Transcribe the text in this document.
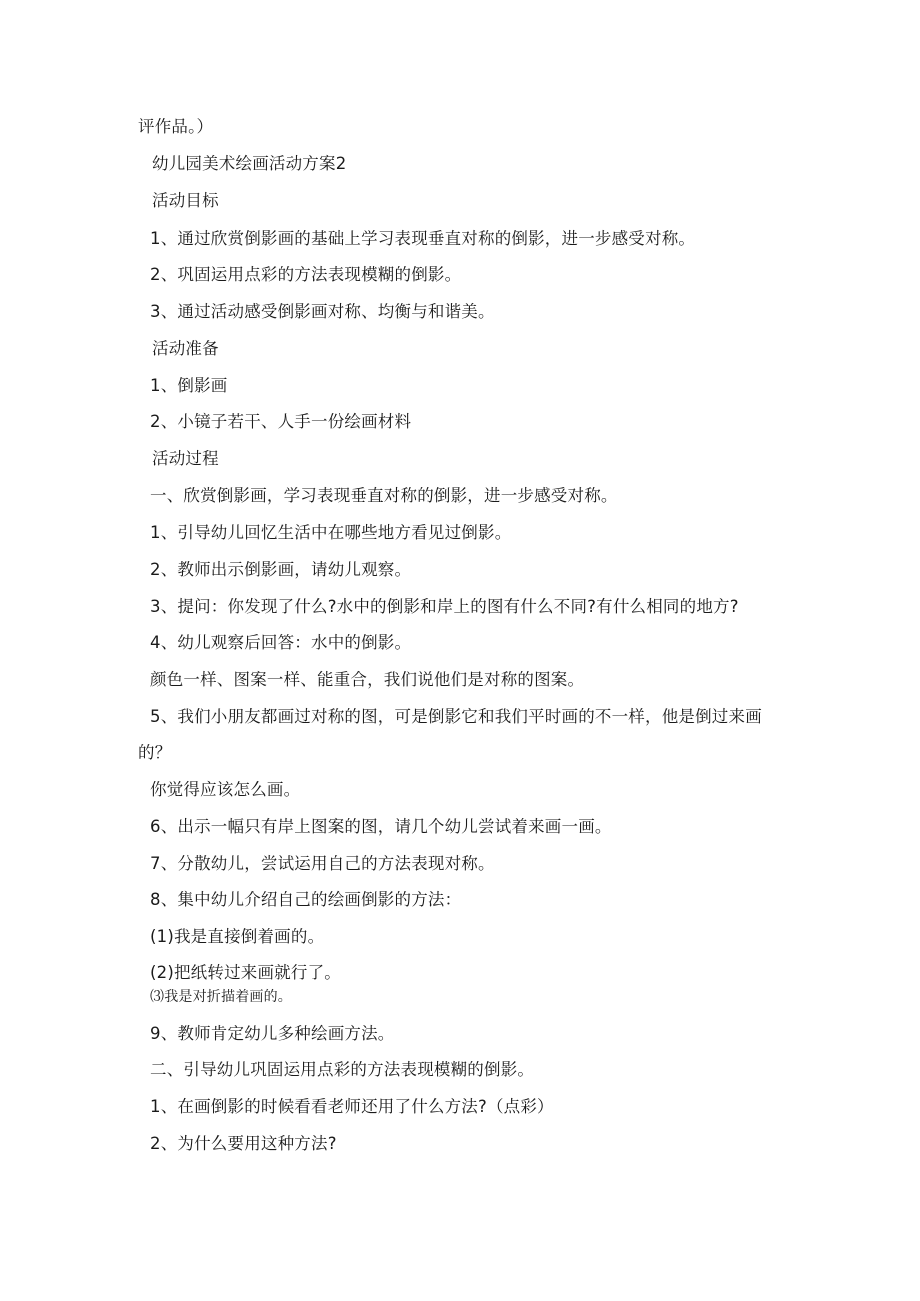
评作品。）
幼儿园美术绘画活动方案2
活动目标
1、通过欣赏倒影画的基础上学习表现垂直对称的倒影，进一步感受对称。
2、巩固运用点彩的方法表现模糊的倒影。
3、通过活动感受倒影画对称、均衡与和谐美。
活动准备
1、倒影画
2、小镜子若干、人手一份绘画材料
活动过程
一、欣赏倒影画，学习表现垂直对称的倒影，进一步感受对称。
1、引导幼儿回忆生活中在哪些地方看见过倒影。
2、教师出示倒影画，请幼儿观察。
3、提问：你发现了什么?水中的倒影和岸上的图有什么不同?有什么相同的地方?
4、幼儿观察后回答：水中的倒影。
颜色一样、图案一样、能重合，我们说他们是对称的图案。
5、我们小朋友都画过对称的图，可是倒影它和我们平时画的不一样，他是倒过来画
的？
你觉得应该怎么画。
6、出示一幅只有岸上图案的图，请几个幼儿尝试着来画一画。
7、分散幼儿，尝试运用自己的方法表现对称。
8、集中幼儿介绍自己的绘画倒影的方法：
(1)我是直接倒着画的。
(2)把纸转过来画就行了。
⑶我是对折描着画的。
9、教师肯定幼儿多种绘画方法。
二、引导幼儿巩固运用点彩的方法表现模糊的倒影。
1、在画倒影的时候看看老师还用了什么方法?（点彩）
2、为什么要用这种方法?
